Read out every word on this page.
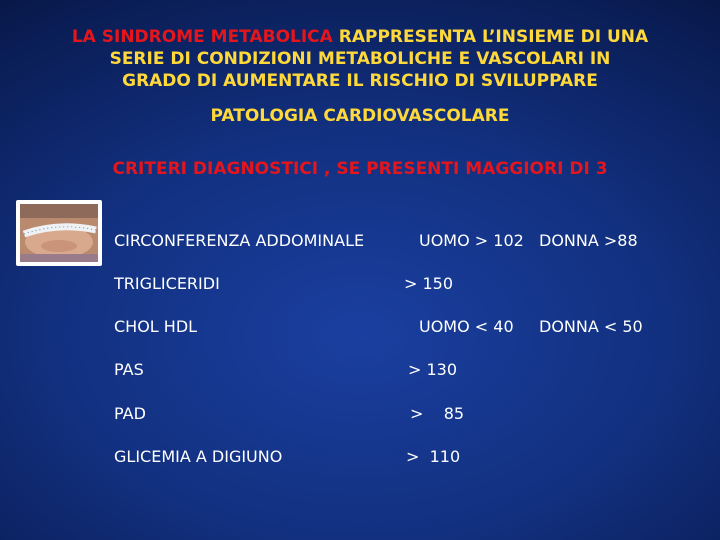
LA SINDROME METABOLICA RAPPRESENTA L’INSIEME DI UNA
SERIE DI CONDIZIONI METABOLICHE E VASCOLARI IN
GRADO DI AUMENTARE IL RISCHIO DI SVILUPPARE
PATOLOGIA CARDIOVASCOLARE
CRITERI DIAGNOSTICI , SE PRESENTI MAGGIORI DI 3
CIRCONFERENZA ADDOMINALE	UOMO > 102 DONNA >88
TRIGLICERIDI	> 150
CHOL HDL	UOMO < 40 DONNA < 50
PAS	> 130
PAD	>    85
GLICEMIA A DIGIUNO	>  110
